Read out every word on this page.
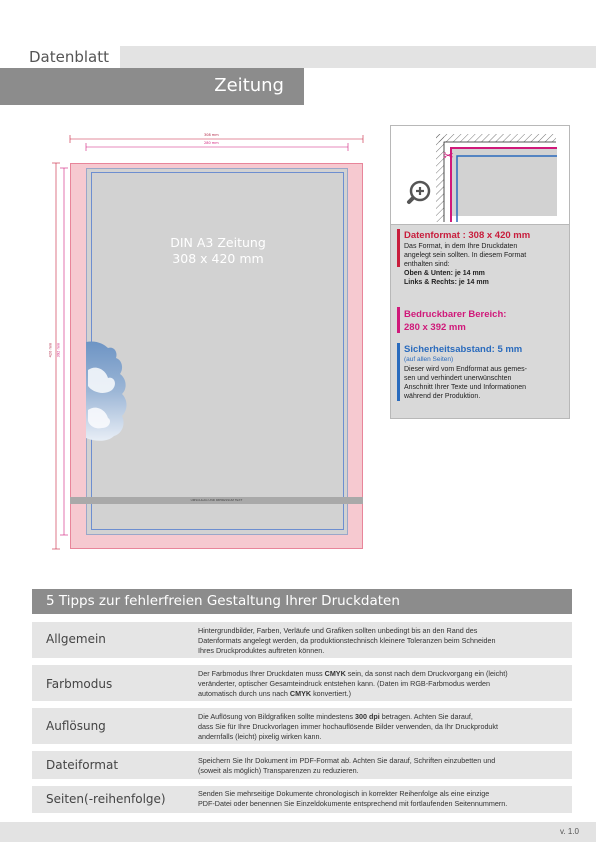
Datenblatt
Zeitung
308 mm
280 mm
420 mm 392 mm
DIN A3 Zeitung
308 x 420 mm
UMSCHLAG UND IMPRESSUM TEXT
✂
Datenformat : 308 x 420 mm
Das Format, in dem Ihre Druckdaten
angelegt sein sollten. In diesem Format
enthalten sind:
Oben & Unten: je 14 mm
Links & Rechts: je 14 mm
Bedruckbarer Bereich:
280 x 392 mm
Sicherheitsabstand: 5 mm
(auf allen Seiten)
Dieser wird vom Endformat aus gemes-
sen und verhindert unerwünschten
Anschnitt Ihrer Texte und Informationen
während der Produktion.
5 Tipps zur fehlerfreien Gestaltung Ihrer Druckdaten
Allgemein
Hintergrundbilder, Farben, Verläufe und Grafiken sollten unbedingt bis an den Rand des
Datenformats angelegt werden, da produktionstechnisch kleinere Toleranzen beim Schneiden
Ihres Druckproduktes auftreten können.
Farbmodus
Der Farbmodus Ihrer Druckdaten muss CMYK sein, da sonst nach dem Druckvorgang ein (leicht)
veränderter, optischer Gesamteindruck entstehen kann. (Daten im RGB-Farbmodus werden
automatisch durch uns nach CMYK konvertiert.)
Auflösung
Die Auflösung von Bildgrafiken sollte mindestens 300 dpi betragen. Achten Sie darauf,
dass Sie für Ihre Druckvorlagen immer hochauflösende Bilder verwenden, da Ihr Druckprodukt
andernfalls (leicht) pixelig wirken kann.
Dateiformat	Speichern Sie Ihr Dokument im PDF-Format ab. Achten Sie darauf, Schriften einzubetten und
(soweit als möglich) Transparenzen zu reduzieren.
Seiten(-reihenfolge)	Senden Sie mehrseitige Dokumente chronologisch in korrekter Reihenfolge als eine einzige
PDF-Datei oder benennen Sie Einzeldokumente entsprechend mit fortlaufenden Seitennummern.
v. 1.0
